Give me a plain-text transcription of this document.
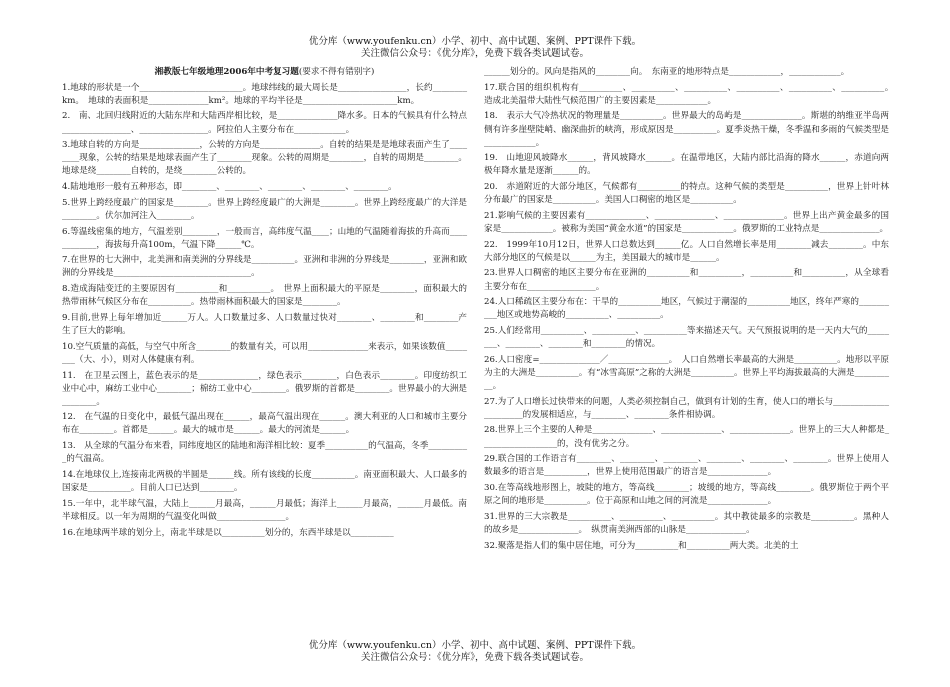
优分库（www.youfenku.cn）小学、初中、高中试题、案例、PPT课件下载。
关注微信公众号：《优分库》，免费下载各类试题试卷。

湘教版七年级地理2006年中考复习题(要求不得有错别字)

1.地球的形状是一个________________________。地球纬线的最大周长是________________，长约________km。　地球的表面积是______________km²。地球的平均半径是______________________km。

2.　南、北回归线附近的大陆东岸和大陆西岸相比较，是______________降水多。日本的气候具有什么特点________________、________________。阿拉伯人主要分布在____________。

3.地球自转的方向是______________，公转的方向是______________。自转的结果是是地球表面产生了________现象，公转的结果是地球表面产生了________现象。公转的周期是________，自转的周期是________。地球是绕________自转的，是绕________公转的。

4.陆地地形一般有五种形态，即________、________、________、________、________。

5.世界上跨经度最广的国家是________。世界上跨经度最广的大洲是________。世界上跨经度最广的大洋是________。伏尔加河注入________。

6.等温线密集的地方，气温差别________，一般而言，高纬度气温____；山地的气温随着海拔的升高而____________，海拔每升高100m，气温下降______℃。

7.在世界的七大洲中，北美洲和南美洲的分界线是__________。亚洲和非洲的分界线是________，亚洲和欧洲的分界线是________________________________。

8.造成海陆变迁的主要原因有__________和__________。　世界上面积最大的平原是________，面积最大的热带雨林气候区分布在__________。热带雨林面积最大的国家是________。

9.目前,世界上每年增加近______万人。人口数量过多、人口数量过快对________、________和________产生了巨大的影响。

10.空气质量的高低，与空气中所含________的数量有关，可以用______________来表示，如果该数值________（大、小），则对人体健康有利。

11.　在卫星云图上，蓝色表示的是______________，绿色表示________，白色表示________。印度纺织工业中心中，麻纺工业中心________；棉纺工业中心________。俄罗斯的首都是________。世界最小的大洲是________。

12.　在气温的日变化中，最低气温出现在______，最高气温出现在______。澳大利亚的人口和城市主要分布在________。首都是______。最大的城市是______。最大的河流是______。

13.　从全球的气温分布来看，同纬度地区的陆地和海洋相比较：夏季__________的气温高，冬季__________的气温高。

14.在地球仪上,连接南北两极的半圆是______线。所有该线的长度__________。南亚面积最大、人口最多的国家是__________。目前人口已达到________。

15.一年中，北半球气温，大陆上______月最高，______月最低；海洋上______月最高，______月最低。南半球相反。以一年为周期的气温变化叫做________________。

16.在地球两半球的划分上，南北半球是以__________划分的，东西半球是以__________

______划分的。风向是指风的________向。　东南亚的地形特点是____________，____________。

17.联合国的组织机构有__________、__________、__________、__________、__________、__________。　造成北美温带大陆性气候范围广的主要因素是____________。

18.　表示大气冷热状况的物理量是__________。世界最大的岛屿是______________。斯堪的纳维亚半岛两侧有许多崖壁陡峭、幽深曲折的峡湾，形成原因是__________。夏季炎热干燥，冬季温和多雨的气候类型是____________。

19.　山地迎风坡降水______，背风坡降水______。在温带地区，大陆内部比沿海的降水______，赤道向两极年降水量是逐渐______的。

20.　赤道附近的大部分地区，气候都有__________的特点。这种气候的类型是__________，世界上针叶林分布最广的国家是__________。美国人口稠密的地区是__________。

21.影响气候的主要因素有______________、______________、______________。世界上出产黄金最多的国家是____________。被称为美国“黄金水道”的国家是____________。俄罗斯的工业特点是______________。

22.　1999年10月12日，世界人口总数达到______亿。人口自然增长率是用________减去________。中东大部分地区的气候是以______为主，美国最大的城市是______。

23.世界人口稠密的地区主要分布在亚洲的__________和__________，__________和__________，从全球看主要分布在________________。

24.人口稀疏区主要分布在：干旱的__________地区，气候过于潮湿的__________地区，终年严寒的__________地区或地势高峻的__________、__________。

25.人们经常用__________、__________、__________等来描述天气。天气预报说明的是一天内大气的________、________、________和________的情况。

26.人口密度=______________／______________。　人口自然增长率最高的大洲是__________。地形以平原为主的大洲是__________。有“冰雪高原”之称的大洲是__________。世界上平均海拔最高的大洲是__________。

27.为了人口增长过快带来的问题，人类必须控制自己，做到有计划的生育，使人口的增长与______________________的发展相适应，与________、________条件相协调。

28.世界上三个主要的人种是______________、______________、______________。世界上的三大人种都是__________________的，没有优劣之分。

29.联合国的工作语言有________、________、________、________、________、________。世界上使用人数最多的语言是__________，世界上使用范围最广的语言是______________。

30.在等高线地形图上，坡陡的地方，等高线________；坡缓的地方，等高线________。俄罗斯位于两个平原之间的地形是__________。位于高原和山地之间的河流是______________。

31.世界的三大宗教是__________、__________、__________。其中教徒最多的宗教是__________。黑种人的故乡是______________。　纵贯南美洲西部的山脉是______________。

32.聚落是指人们的集中居住地，可分为__________和__________两大类。北美的土

优分库（www.youfenku.cn）小学、初中、高中试题、案例、PPT课件下载。
关注微信公众号：《优分库》，免费下载各类试题试卷。
